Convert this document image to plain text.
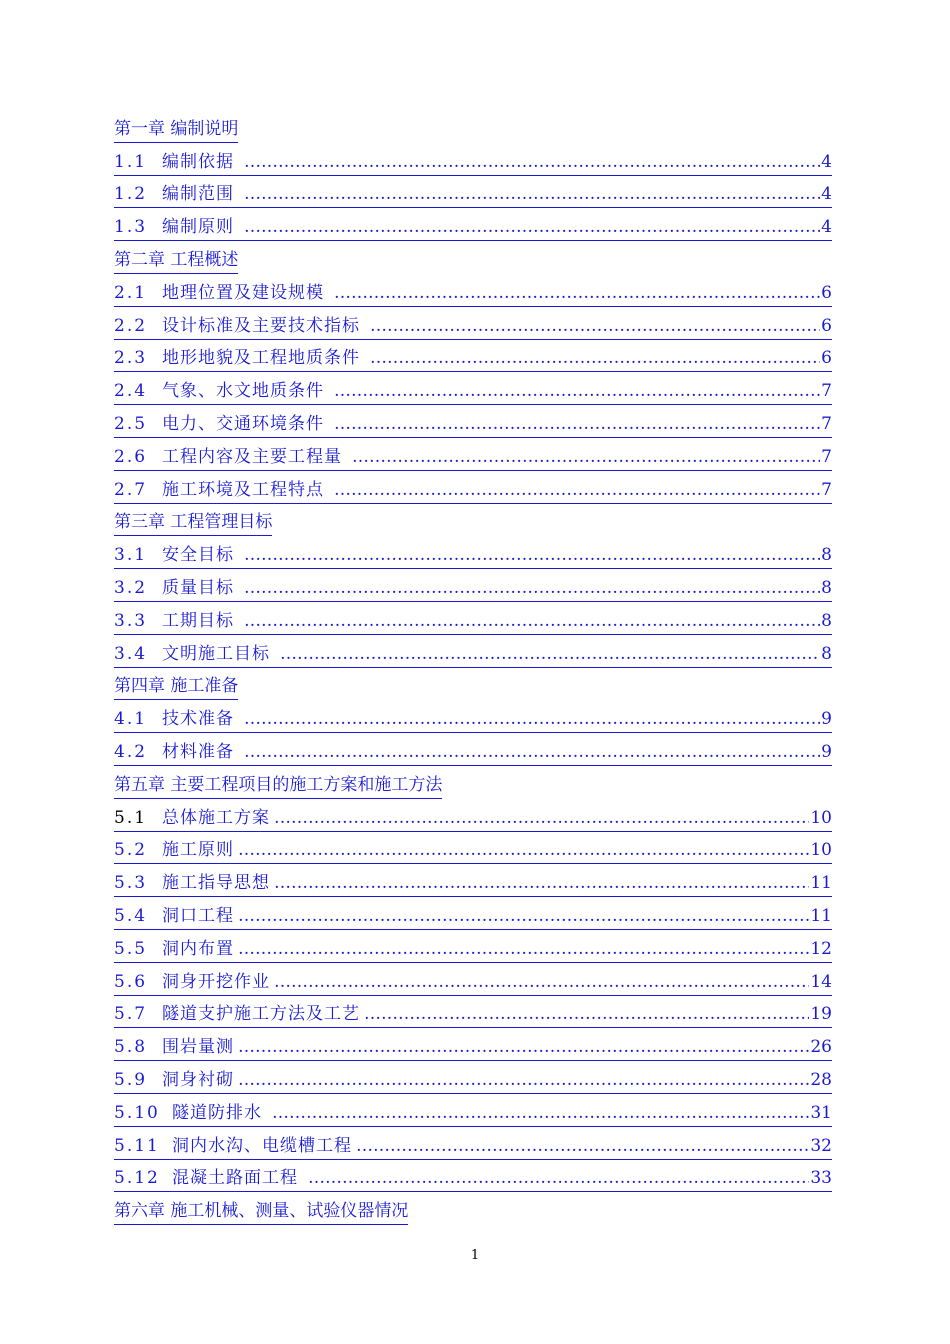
第一章 编制说明
1.1 编制依据 …………………………………………………………………………………………………………………………………………………………………………	4
1.2 编制范围 …………………………………………………………………………………………………………………………………………………………………………	4
1.3 编制原则 …………………………………………………………………………………………………………………………………………………………………………	4
第二章 工程概述
2.1 地理位置及建设规模 …………………………………………………………………………………………………………………………………………………………………………	6
2.2 设计标准及主要技术指标 …………………………………………………………………………………………………………………………………………………………………………	6
2.3 地形地貌及工程地质条件 …………………………………………………………………………………………………………………………………………………………………………	6
2.4 气象、水文地质条件 …………………………………………………………………………………………………………………………………………………………………………	7
2.5 电力、交通环境条件 …………………………………………………………………………………………………………………………………………………………………………	7
2.6 工程内容及主要工程量 …………………………………………………………………………………………………………………………………………………………………………	7
2.7 施工环境及工程特点 …………………………………………………………………………………………………………………………………………………………………………	7
第三章 工程管理目标
3.1 安全目标 …………………………………………………………………………………………………………………………………………………………………………	8
3.2 质量目标 …………………………………………………………………………………………………………………………………………………………………………	8
3.3 工期目标 …………………………………………………………………………………………………………………………………………………………………………	8
3.4 文明施工目标 …………………………………………………………………………………………………………………………………………………………………………	8
第四章 施工准备
4.1 技术准备 …………………………………………………………………………………………………………………………………………………………………………	9
4.2 材料准备 …………………………………………………………………………………………………………………………………………………………………………	9
第五章 主要工程项目的施工方案和施工方法
5.1 总体施工方案 …………………………………………………………………………………………………………………………………………………………………………	10
5.2 施工原则 …………………………………………………………………………………………………………………………………………………………………………	10
5.3 施工指导思想 …………………………………………………………………………………………………………………………………………………………………………	11
5.4 洞口工程 …………………………………………………………………………………………………………………………………………………………………………	11
5.5 洞内布置 …………………………………………………………………………………………………………………………………………………………………………	12
5.6 洞身开挖作业 …………………………………………………………………………………………………………………………………………………………………………	14
5.7 隧道支护施工方法及工艺 …………………………………………………………………………………………………………………………………………………………………………	19
5.8 围岩量测 …………………………………………………………………………………………………………………………………………………………………………	26
5.9 洞身衬砌 …………………………………………………………………………………………………………………………………………………………………………	28
5.10 隧道防排水 …………………………………………………………………………………………………………………………………………………………………………	31
5.11 洞内水沟、电缆槽工程 …………………………………………………………………………………………………………………………………………………………………………	32
5.12 混凝土路面工程 …………………………………………………………………………………………………………………………………………………………………………	33
第六章 施工机械、测量、试验仪器情况
1
